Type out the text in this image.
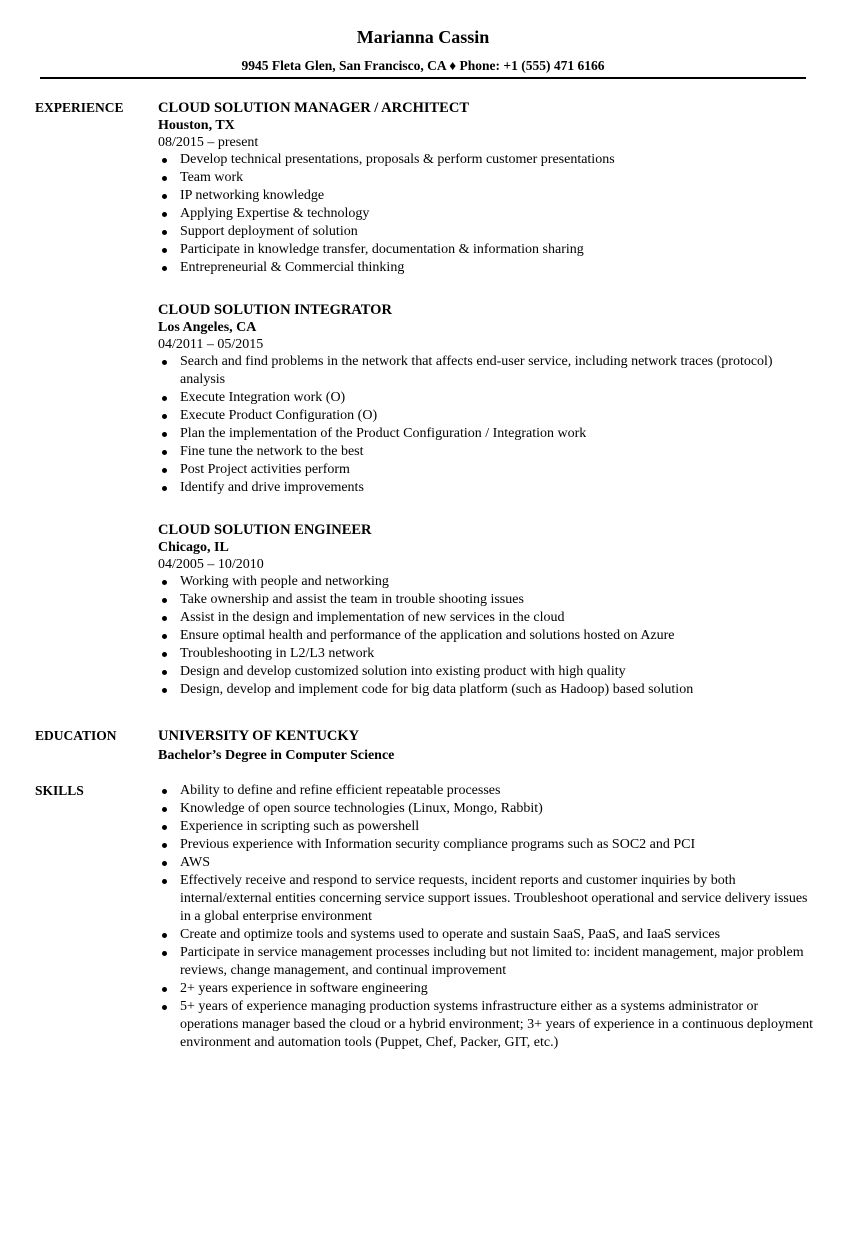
Marianna Cassin
9945 Fleta Glen, San Francisco, CA ♦ Phone: +1 (555) 471 6166
EXPERIENCE CLOUD SOLUTION MANAGER / ARCHITECT
Houston, TX
08/2015 – present
Develop technical presentations, proposals & perform customer presentations
Team work
IP networking knowledge
Applying Expertise & technology
Support deployment of solution
Participate in knowledge transfer, documentation & information sharing
Entrepreneurial & Commercial thinking
CLOUD SOLUTION INTEGRATOR
Los Angeles, CA
04/2011 – 05/2015
Search and find problems in the network that affects end-user service, including network traces (protocol) analysis
Execute Integration work (O)
Execute Product Configuration (O)
Plan the implementation of the Product Configuration / Integration work
Fine tune the network to the best
Post Project activities perform
Identify and drive improvements
CLOUD SOLUTION ENGINEER
Chicago, IL
04/2005 – 10/2010
Working with people and networking
Take ownership and assist the team in trouble shooting issues
Assist in the design and implementation of new services in the cloud
Ensure optimal health and performance of the application and solutions hosted on Azure
Troubleshooting in L2/L3 network
Design and develop customized solution into existing product with high quality
Design, develop and implement code for big data platform (such as Hadoop) based solution
EDUCATION	UNIVERSITY OF KENTUCKY
Bachelor’s Degree in Computer Science
SKILLS	Ability to define and refine efficient repeatable processes
Knowledge of open source technologies (Linux, Mongo, Rabbit)
Experience in scripting such as powershell
Previous experience with Information security compliance programs such as SOC2 and PCI
AWS
Effectively receive and respond to service requests, incident reports and customer inquiries by both internal/external entities concerning service support issues. Troubleshoot operational and service delivery issues in a global enterprise environment
Create and optimize tools and systems used to operate and sustain SaaS, PaaS, and IaaS services
Participate in service management processes including but not limited to: incident management, major problem reviews, change management, and continual improvement
2+ years experience in software engineering
5+ years of experience managing production systems infrastructure either as a systems administrator or operations manager based the cloud or a hybrid environment; 3+ years of experience in a continuous deployment environment and automation tools (Puppet, Chef, Packer, GIT, etc.)
